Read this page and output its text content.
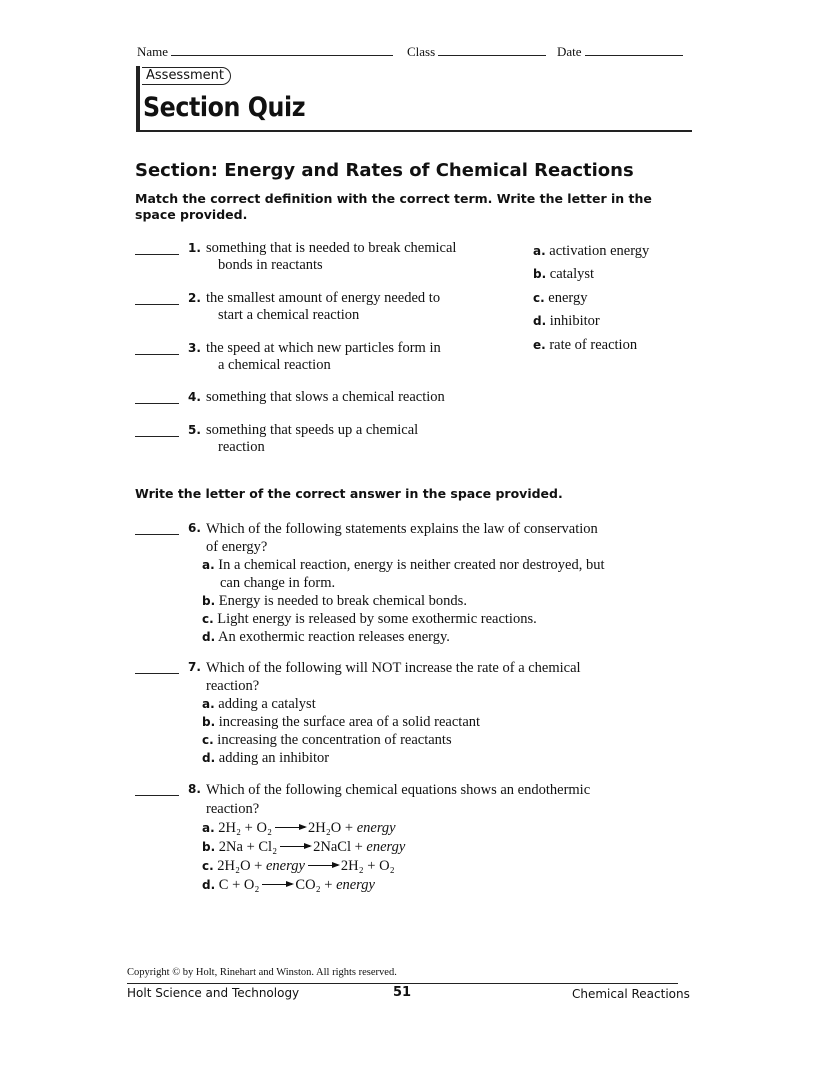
Name	Class	Date
Assessment
Section Quiz
Section: Energy and Rates of Chemical Reactions
Match the correct definition with the correct term. Write the letter in the space provided.
1. something that is needed to break chemical
bonds in reactants
2. the smallest amount of energy needed to
start a chemical reaction
3. the speed at which new particles form in
a chemical reaction
4. something that slows a chemical reaction
5. something that speeds up a chemical
reaction
a. activation energy
b. catalyst
c. energy
d. inhibitor
e. rate of reaction
Write the letter of the correct answer in the space provided.
6. Which of the following statements explains the law of conservation
of energy?
a. In a chemical reaction, energy is neither created nor destroyed, but
can change in form.
b. Energy is needed to break chemical bonds.
c. Light energy is released by some exothermic reactions.
d. An exothermic reaction releases energy.
7. Which of the following will NOT increase the rate of a chemical
reaction?
a. adding a catalyst
b. increasing the surface area of a solid reactant
c. increasing the concentration of reactants
d. adding an inhibitor
8. Which of the following chemical equations shows an endothermic
reaction?
a. 2H₂ + O₂ 2H₂O + energy
b. 2Na + Cl₂ 2NaCl + energy
c. 2H₂O + energy 2H₂ + O₂
d. C + O₂ CO₂ + energy
Copyright © by Holt, Rinehart and Winston. All rights reserved.
Holt Science and Technology	51	Chemical Reactions
